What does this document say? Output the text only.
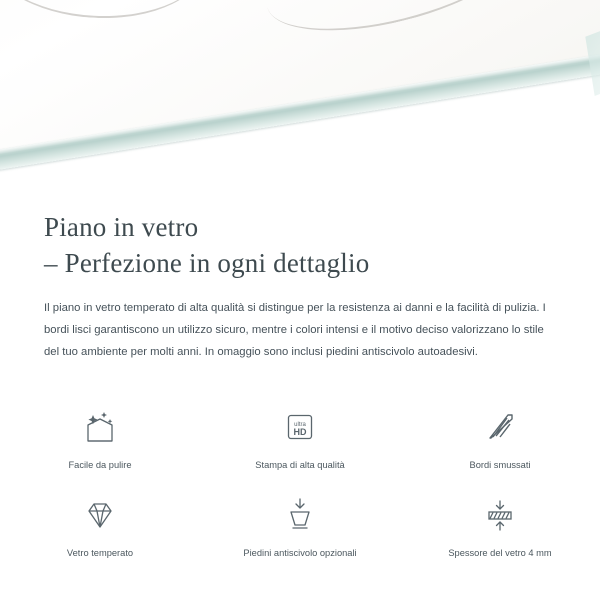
Piano in vetro
– Perfezione in ogni dettaglio

Il piano in vetro temperato di alta qualità si distingue per la resistenza ai danni e la facilità di pulizia. I bordi lisci garantiscono un utilizzo sicuro, mentre i colori intensi e il motivo deciso valorizzano lo stile del tuo ambiente per molti anni. In omaggio sono inclusi piedini antiscivolo autoadesivi.

Facile da pulire
ultra
HD
Stampa di alta qualità	Bordi smussati
Vetro temperato	Piedini antiscivolo opzionali	Spessore del vetro 4 mm
